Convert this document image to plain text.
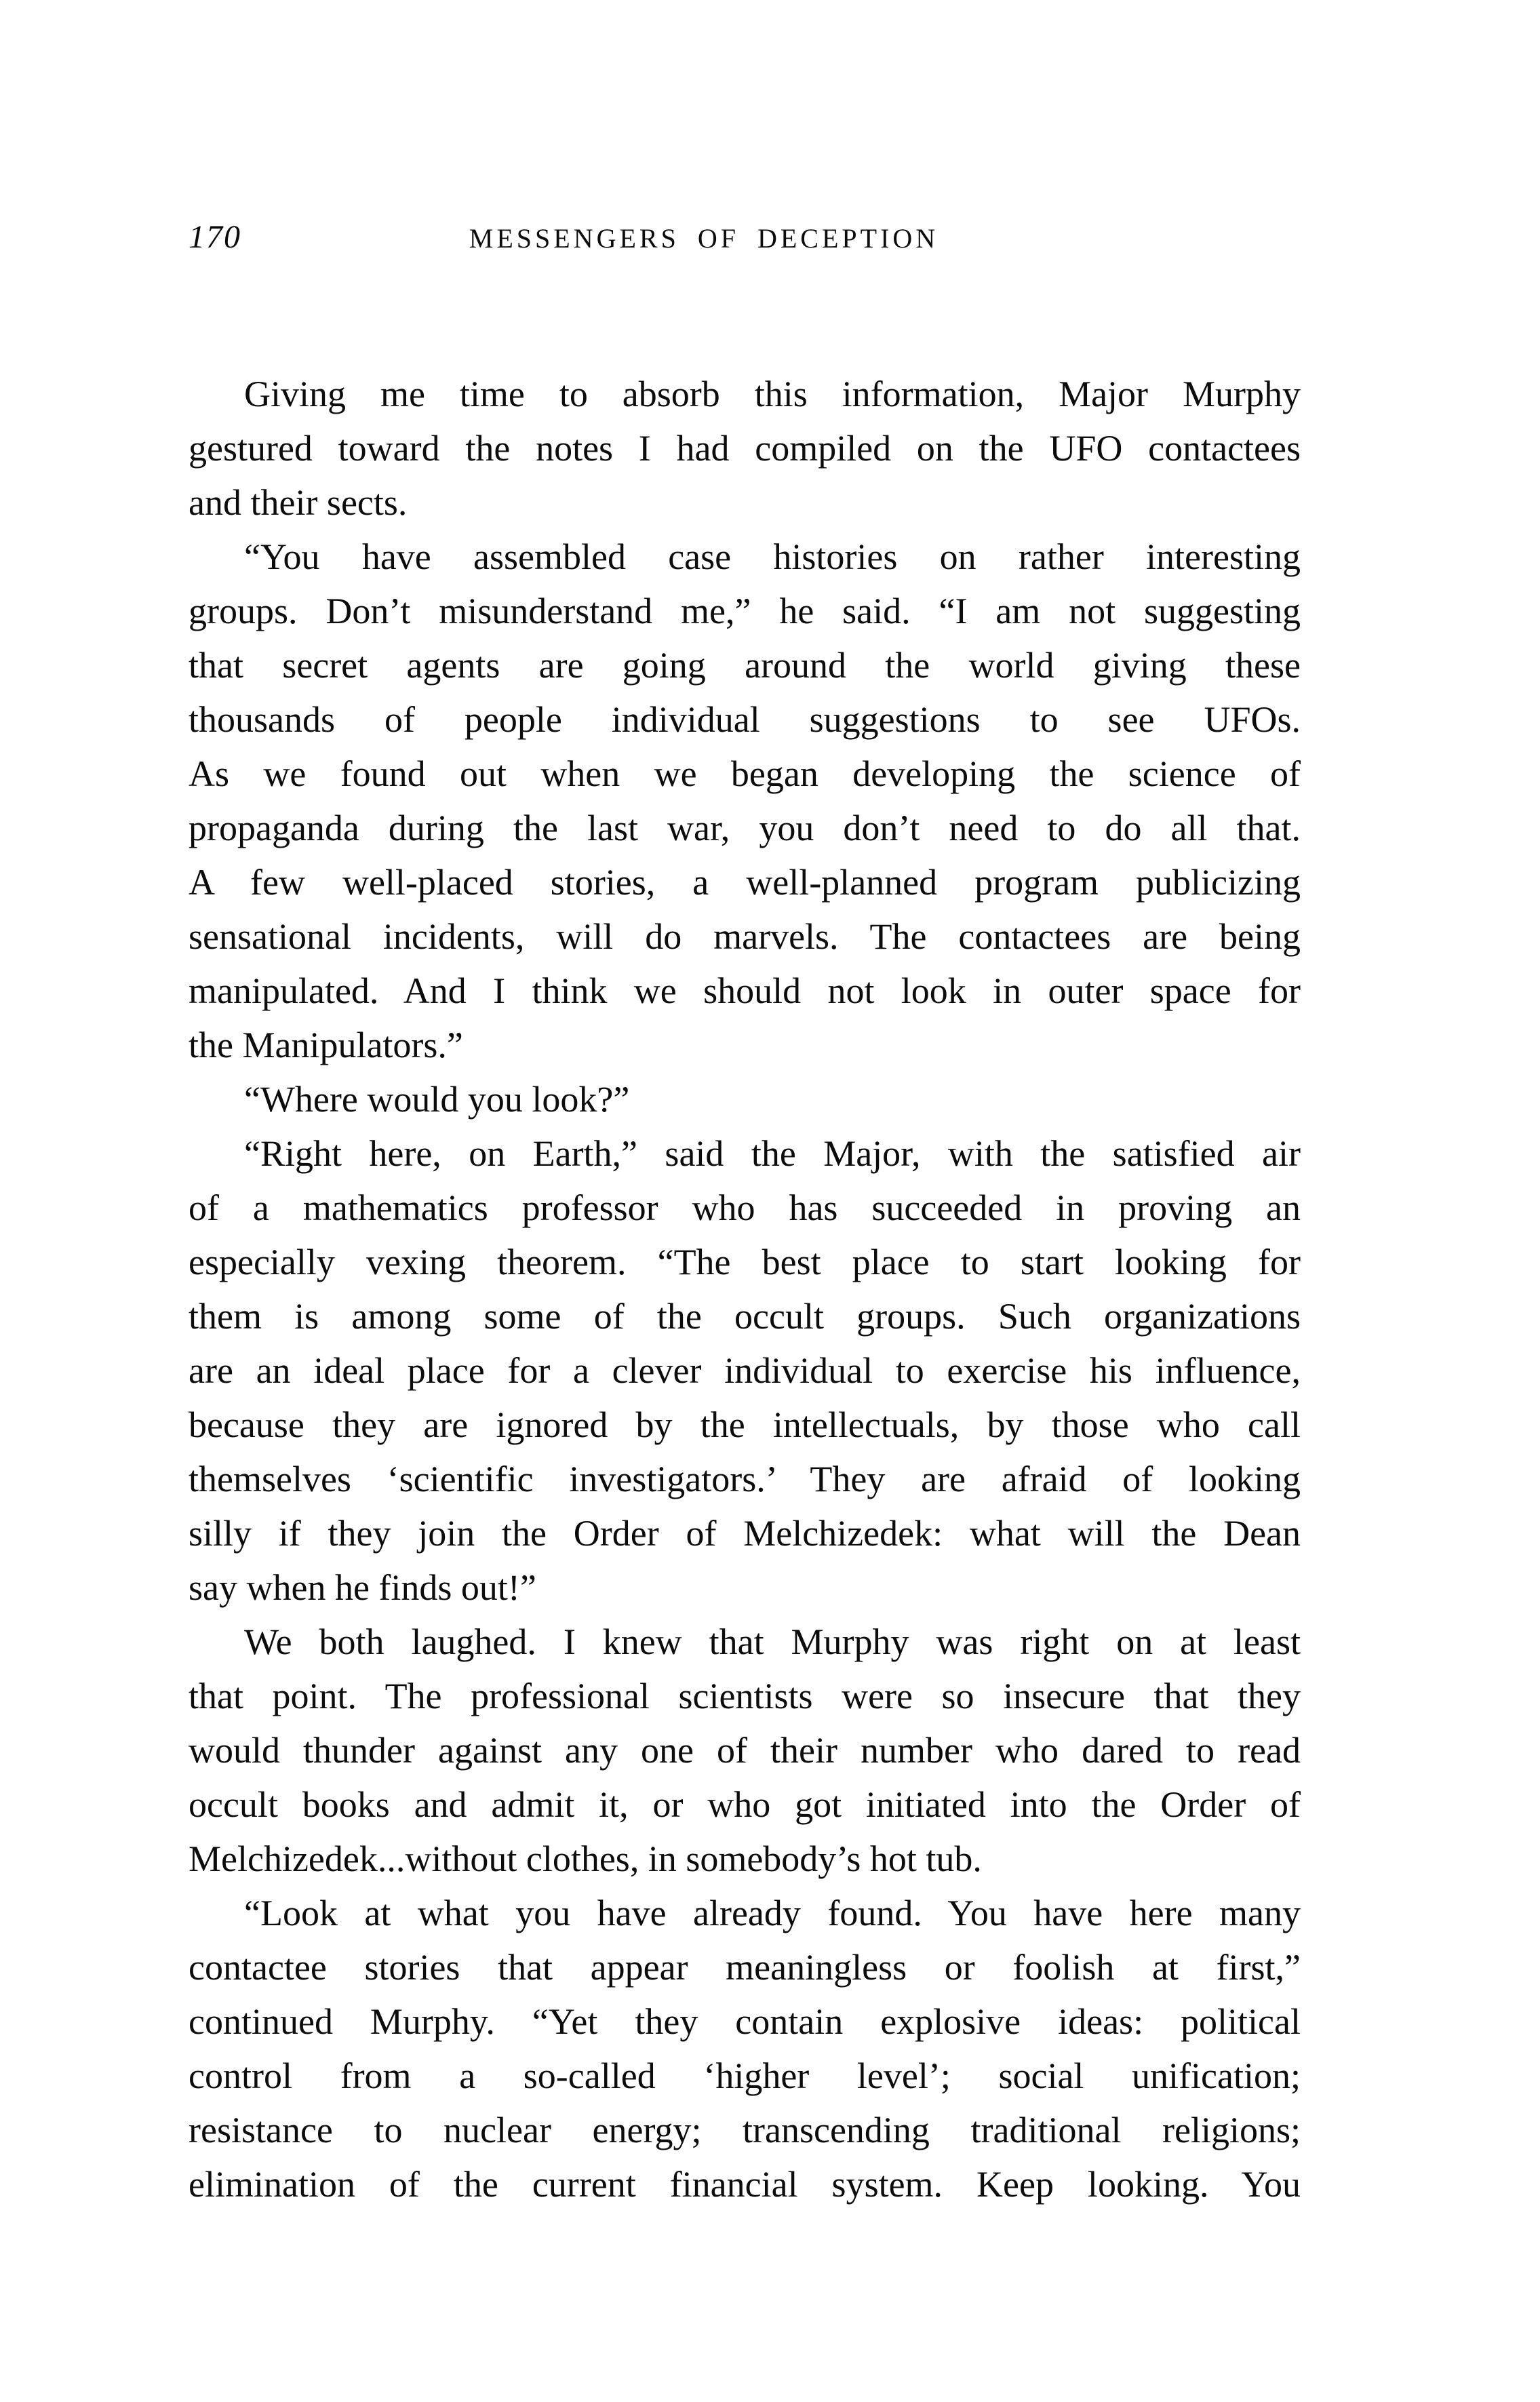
170	MESSENGERS OF DECEPTION
Giving me time to absorb this information, Major Murphy
gestured toward the notes I had compiled on the UFO contactees
and their sects.
“You have assembled case histories on rather interesting
groups. Don’t misunderstand me,” he said. “I am not suggesting
that secret agents are going around the world giving these
thousands of people individual suggestions to see UFOs.
As we found out when we began developing the science of
propaganda during the last war, you don’t need to do all that.
A few well-placed stories, a well-planned program publicizing
sensational incidents, will do marvels. The contactees are being
manipulated. And I think we should not look in outer space for
the Manipulators.”
“Where would you look?”
“Right here, on Earth,” said the Major, with the satisfied air
of a mathematics professor who has succeeded in proving an
especially vexing theorem. “The best place to start looking for
them is among some of the occult groups. Such organizations
are an ideal place for a clever individual to exercise his influence,
because they are ignored by the intellectuals, by those who call
themselves ‘scientific investigators.’ They are afraid of looking
silly if they join the Order of Melchizedek: what will the Dean
say when he finds out!”
We both laughed. I knew that Murphy was right on at least
that point. The professional scientists were so insecure that they
would thunder against any one of their number who dared to read
occult books and admit it, or who got initiated into the Order of
Melchizedek...without clothes, in somebody’s hot tub.
“Look at what you have already found. You have here many
contactee stories that appear meaningless or foolish at first,”
continued Murphy. “Yet they contain explosive ideas: political
control from a so-called ‘higher level’; social unification;
resistance to nuclear energy; transcending traditional religions;
elimination of the current financial system. Keep looking. You
